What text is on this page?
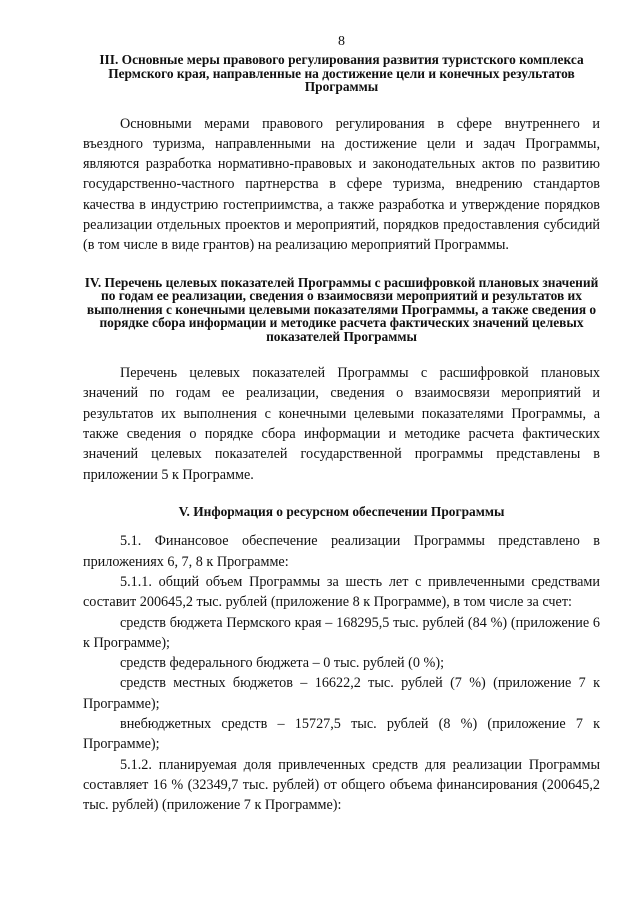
8
III. Основные меры правового регулирования развития туристского комплекса Пермского края, направленные на достижение цели и конечных результатов Программы

Основными мерами правового регулирования в сфере внутреннего и въездного туризма, направленными на достижение цели и задач Программы, являются разработка нормативно-правовых и законодательных актов по развитию государственно-частного партнерства в сфере туризма, внедрению стандартов качества в индустрию гостеприимства, а также разработка и утверждение порядков реализации отдельных проектов и мероприятий, порядков предоставления субсидий (в том числе в виде грантов) на реализацию мероприятий Программы.

IV. Перечень целевых показателей Программы с расшифровкой плановых значений по годам ее реализации, сведения о взаимосвязи мероприятий и результатов их выполнения с конечными целевыми показателями Программы, а также сведения о порядке сбора информации и методике расчета фактических значений целевых показателей Программы

Перечень целевых показателей Программы с расшифровкой плановых значений по годам ее реализации, сведения о взаимосвязи мероприятий и результатов их выполнения с конечными целевыми показателями Программы, а также сведения о порядке сбора информации и методике расчета фактических значений целевых показателей государственной программы представлены в приложении 5 к Программе.

V. Информация о ресурсном обеспечении Программы

5.1. Финансовое обеспечение реализации Программы представлено в приложениях 6, 7, 8 к Программе:

5.1.1. общий объем Программы за шесть лет с привлеченными средствами составит 200645,2 тыс. рублей (приложение 8 к Программе), в том числе за счет:

средств бюджета Пермского края – 168295,5 тыс. рублей (84 %) (приложение 6 к Программе);

средств федерального бюджета – 0 тыс. рублей (0 %);

средств местных бюджетов – 16622,2 тыс. рублей (7 %) (приложение 7 к Программе);

внебюджетных средств – 15727,5 тыс. рублей (8 %) (приложение 7 к Программе);

5.1.2. планируемая доля привлеченных средств для реализации Программы составляет 16 % (32349,7 тыс. рублей) от общего объема финансирования (200645,2 тыс. рублей) (приложение 7 к Программе):
